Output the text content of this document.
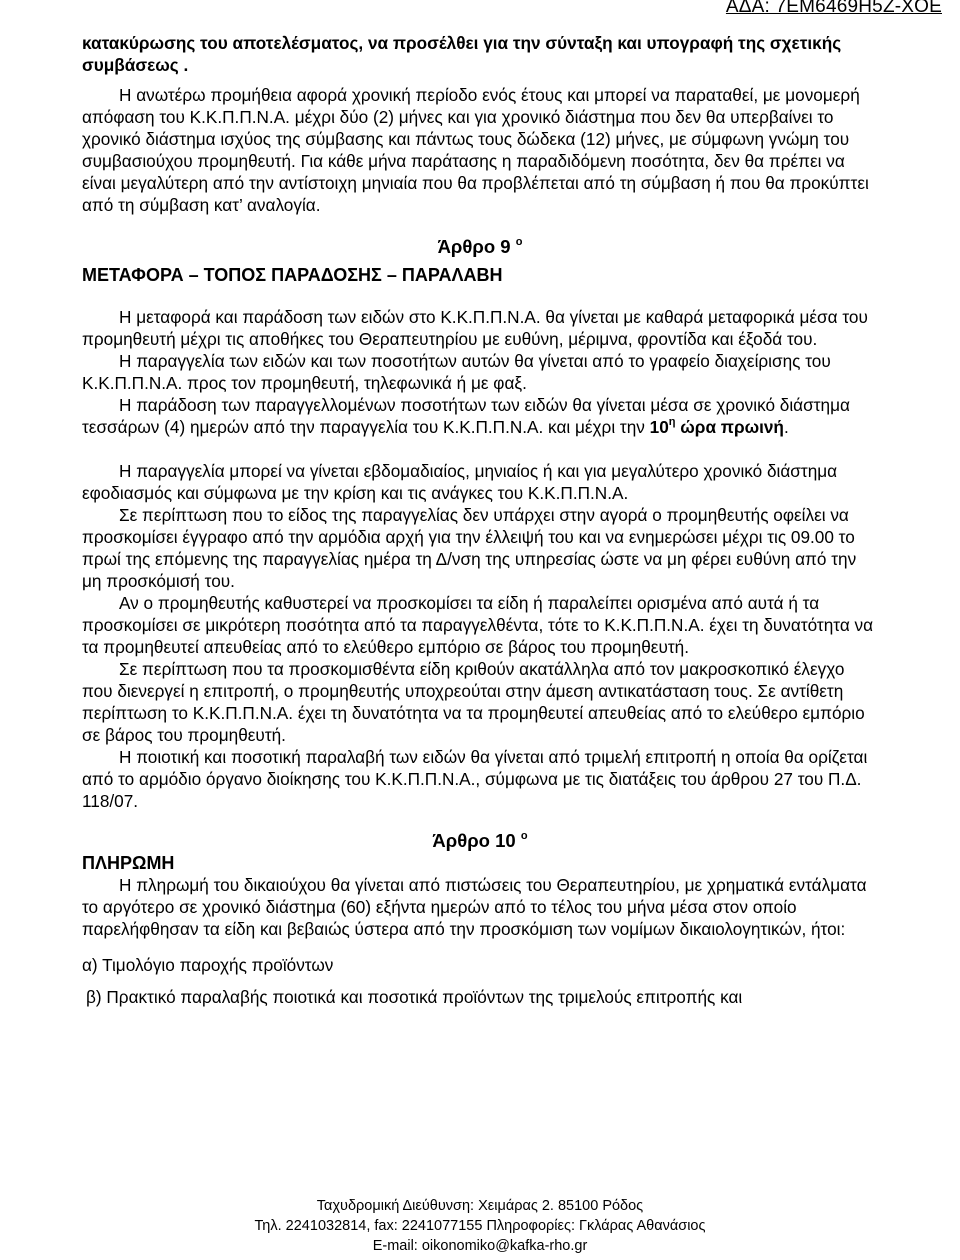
ΑΔΑ: 7ΕΜ6469Η5Ζ-ΧΟΕ

κατακύρωσης του αποτελέσματος, να προσέλθει για την σύνταξη και υπογραφή της σχετικής συμβάσεως .

Η ανωτέρω προμήθεια αφορά χρονική περίοδο ενός έτους και μπορεί να παραταθεί, με μονομερή απόφαση του Κ.Κ.Π.Π.Ν.Α. μέχρι δύο (2) μήνες και για χρονικό διάστημα που δεν θα υπερβαίνει το χρονικό διάστημα ισχύος της σύμβασης και πάντως τους δώδεκα (12) μήνες, με σύμφωνη γνώμη του συμβασιούχου προμηθευτή. Για κάθε μήνα παράτασης η παραδιδόμενη ποσότητα, δεν θα πρέπει να είναι μεγαλύτερη από την αντίστοιχη μηνιαία που θα προβλέπεται από τη σύμβαση ή που θα προκύπτει από τη σύμβαση κατ’ αναλογία.

Άρθρο 9 $^o$

ΜΕΤΑΦΟΡΑ – ΤΟΠΟΣ ΠΑΡΑΔΟΣΗΣ – ΠΑΡΑΛΑΒΗ

Η μεταφορά και παράδοση των ειδών στο Κ.Κ.Π.Π.Ν.Α. θα γίνεται με καθαρά μεταφορικά μέσα του προμηθευτή μέχρι τις αποθήκες του Θεραπευτηρίου με ευθύνη, μέριμνα, φροντίδα και έξοδά του.

Η παραγγελία των ειδών και των ποσοτήτων αυτών θα γίνεται από το γραφείο διαχείρισης του Κ.Κ.Π.Π.Ν.Α. προς τον προμηθευτή, τηλεφωνικά ή με φαξ.

Η παράδοση των παραγγελλομένων ποσοτήτων των ειδών θα γίνεται μέσα σε χρονικό διάστημα τεσσάρων (4) ημερών από την παραγγελία του Κ.Κ.Π.Π.Ν.Α. και μέχρι την $10^\eta$ ώρα πρωινή.

Η παραγγελία μπορεί να γίνεται εβδομαδιαίος, μηνιαίος ή και για μεγαλύτερο χρονικό διάστημα εφοδιασμός και σύμφωνα με την κρίση και τις ανάγκες του Κ.Κ.Π.Π.Ν.Α.

Σε περίπτωση που το είδος της παραγγελίας δεν υπάρχει στην αγορά ο προμηθευτής οφείλει να προσκομίσει έγγραφο από την αρμόδια αρχή για την έλλειψή του και να ενημερώσει μέχρι τις 09.00 το πρωί της επόμενης της παραγγελίας ημέρα τη Δ/νση της υπηρεσίας ώστε να μη φέρει ευθύνη από την μη προσκόμισή του.

Αν ο προμηθευτής καθυστερεί να προσκομίσει τα είδη ή παραλείπει ορισμένα από αυτά ή τα προσκομίσει σε μικρότερη ποσότητα από τα παραγγελθέντα, τότε το Κ.Κ.Π.Π.Ν.Α. έχει τη δυνατότητα να τα προμηθευτεί απευθείας από το ελεύθερο εμπόριο σε βάρος του προμηθευτή.

Σε περίπτωση που τα προσκομισθέντα είδη κριθούν ακατάλληλα από τον μακροσκοπικό έλεγχο που διενεργεί η επιτροπή, ο προμηθευτής υποχρεούται στην άμεση αντικατάσταση τους. Σε αντίθετη περίπτωση το Κ.Κ.Π.Π.Ν.Α. έχει τη δυνατότητα να τα προμηθευτεί απευθείας από το ελεύθερο εμπόριο σε βάρος του προμηθευτή.

Η ποιοτική και ποσοτική παραλαβή των ειδών θα γίνεται από τριμελή επιτροπή η οποία θα ορίζεται από το αρμόδιο όργανο διοίκησης του Κ.Κ.Π.Π.Ν.Α., σύμφωνα με τις διατάξεις του άρθρου 27 του Π.Δ. 118/07.

Άρθρο 10 $^o$

ΠΛΗΡΩΜΗ

Η πληρωμή του δικαιούχου θα γίνεται από πιστώσεις του Θεραπευτηρίου, με χρηματικά εντάλματα το αργότερο σε χρονικό διάστημα (60) εξήντα ημερών από το τέλος του μήνα μέσα στον οποίο παρελήφθησαν τα είδη και βεβαιώς ύστερα από την προσκόμιση των νομίμων δικαιολογητικών, ήτοι:

α) Τιμολόγιο παροχής προϊόντων

β) Πρακτικό παραλαβής ποιοτικά και ποσοτικά προϊόντων της τριμελούς επιτροπής και

Ταχυδρομική Διεύθυνση: Χειμάρας 2. 85100 Ρόδος
Τηλ. 2241032814, fax: 2241077155 Πληροφορίες: Γκλάρας Αθανάσιος
E-mail: oikonomiko@kafka-rho.gr
